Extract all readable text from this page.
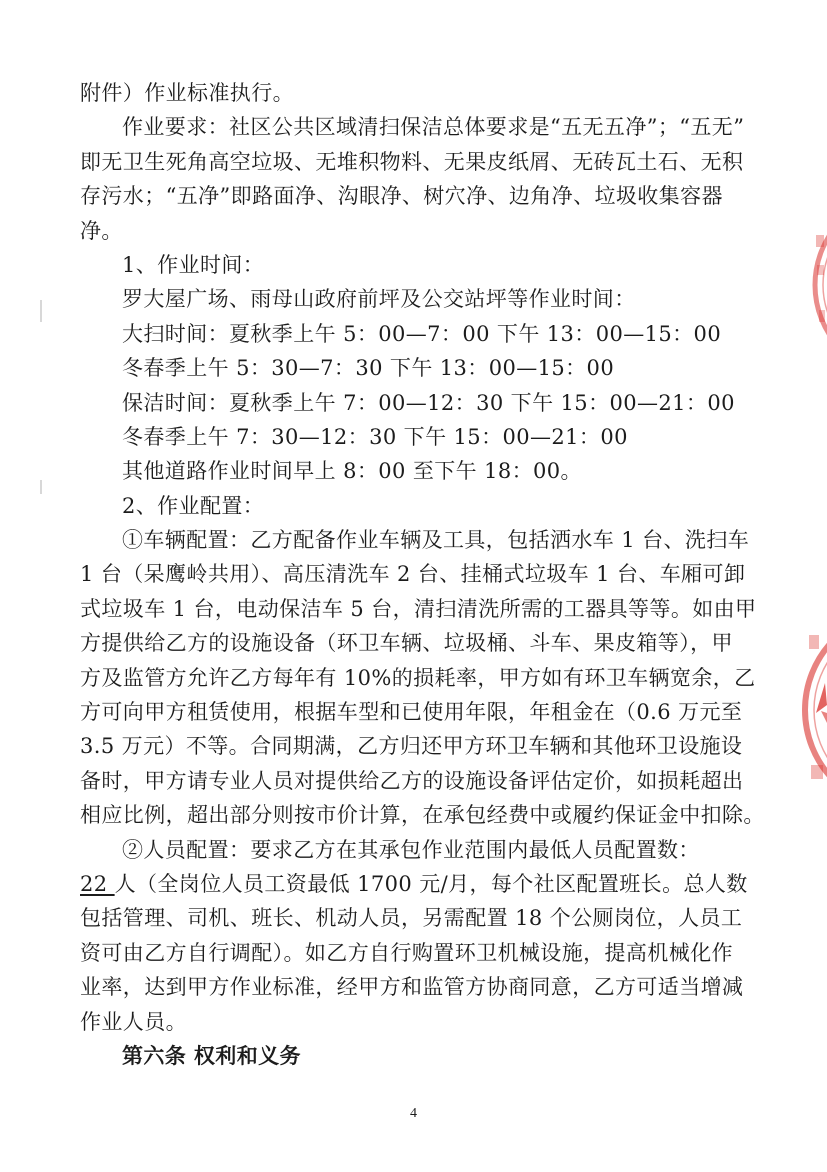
附件）作业标准执行。
作业要求：社区公共区域清扫保洁总体要求是“五无五净”；“五无”
即无卫生死角高空垃圾、无堆积物料、无果皮纸屑、无砖瓦土石、无积
存污水；“五净”即路面净、沟眼净、树穴净、边角净、垃圾收集容器
净。
1、作业时间：
罗大屋广场、雨母山政府前坪及公交站坪等作业时间：
大扫时间：夏秋季上午 5：00—7：00 下午 13：00—15：00
冬春季上午 5：30—7：30 下午 13：00—15：00
保洁时间：夏秋季上午 7：00—12：30 下午 15：00—21：00
冬春季上午 7：30—12：30 下午 15：00—21：00
其他道路作业时间早上 8：00 至下午 18：00。
2、作业配置：
①车辆配置：乙方配备作业车辆及工具，包括洒水车 1 台、洗扫车
1 台（呆鹰岭共用）、高压清洗车 2 台、挂桶式垃圾车 1 台、车厢可卸
式垃圾车 1 台，电动保洁车 5 台，清扫清洗所需的工器具等等。如由甲
方提供给乙方的设施设备（环卫车辆、垃圾桶、斗车、果皮箱等），甲
方及监管方允许乙方每年有 10%的损耗率，甲方如有环卫车辆宽余，乙
方可向甲方租赁使用，根据车型和已使用年限，年租金在（0.6 万元至
3.5 万元）不等。合同期满，乙方归还甲方环卫车辆和其他环卫设施设
备时，甲方请专业人员对提供给乙方的设施设备评估定价，如损耗超出
相应比例，超出部分则按市价计算，在承包经费中或履约保证金中扣除。
②人员配置：要求乙方在其承包作业范围内最低人员配置数：
22 人（全岗位人员工资最低 1700 元/月，每个社区配置班长。总人数
包括管理、司机、班长、机动人员，另需配置 18 个公厕岗位，人员工
资可由乙方自行调配）。如乙方自行购置环卫机械设施，提高机械化作
业率，达到甲方作业标准，经甲方和监管方协商同意，乙方可适当增减
作业人员。
第六条 权利和义务
4
